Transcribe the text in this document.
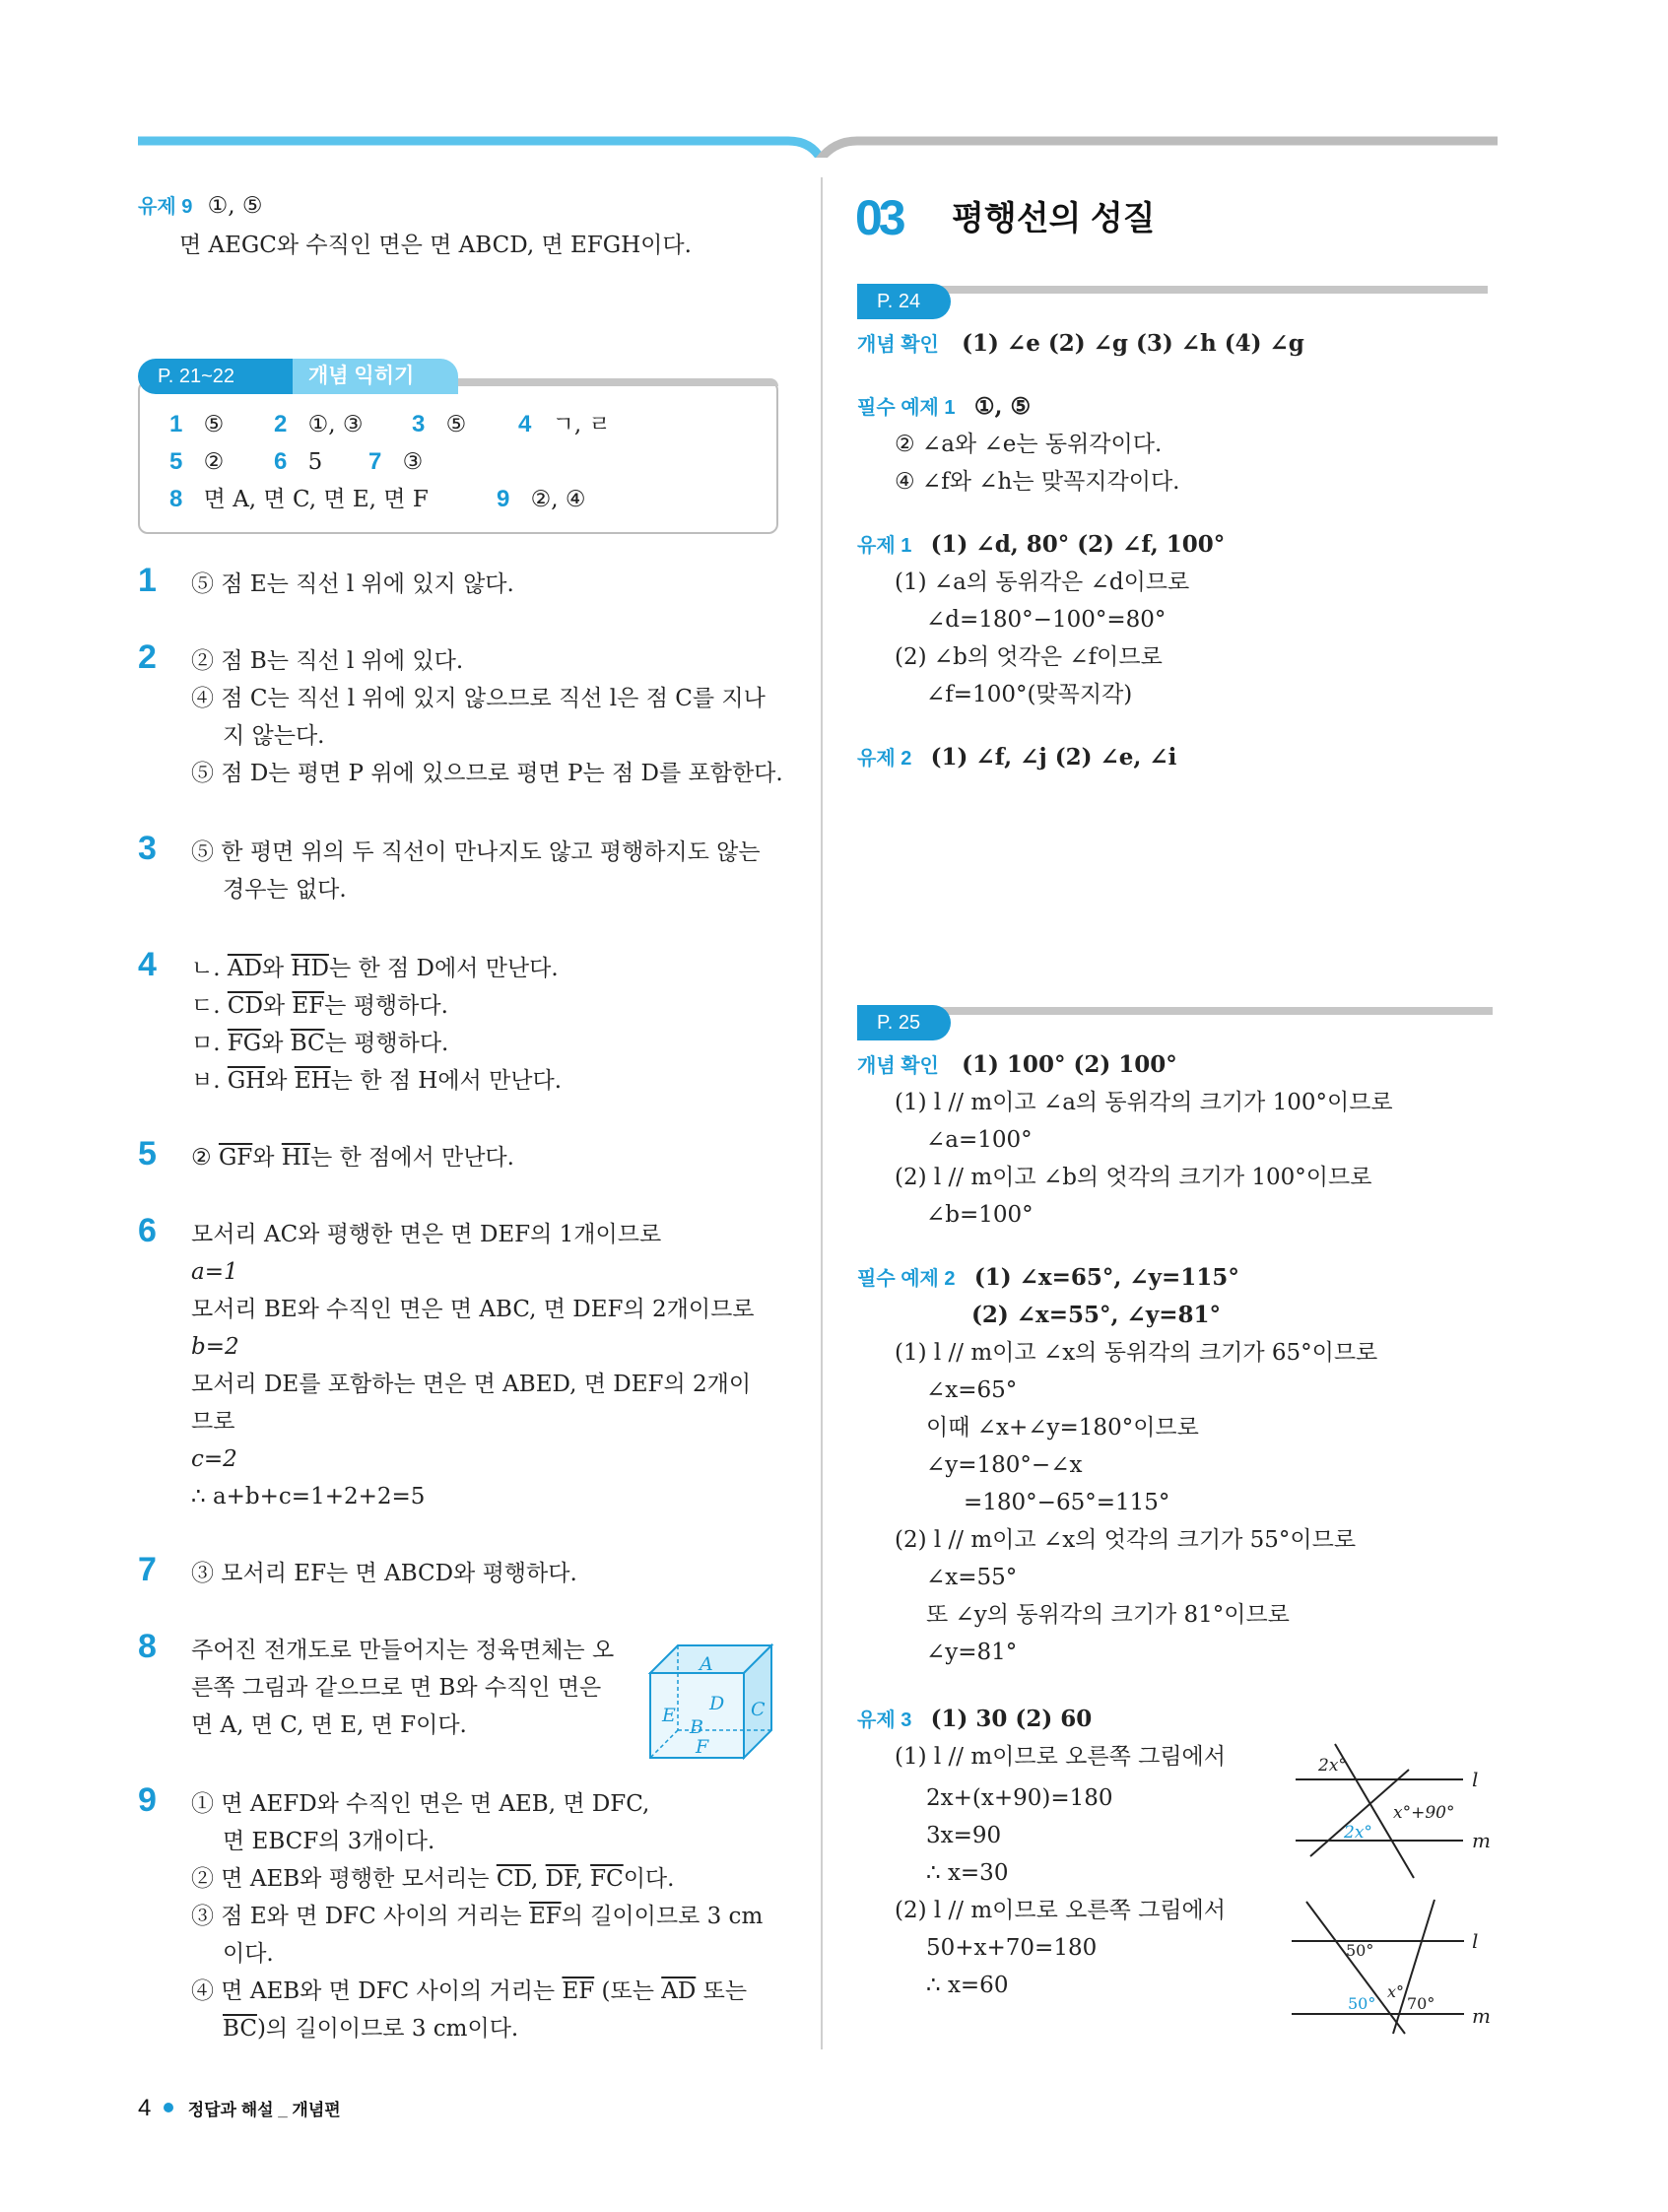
유제 9 ①, ⑤
면 AEGC와 수직인 면은 면 ABCD, 면 EFGH이다.
P. 21~22	개념 익히기
1 ⑤ 2 ①, ③ 3 ⑤ 4 ㄱ, ㄹ
5 ② 6 5 7 ③
8 면 A, 면 C, 면 E, 면 F	9 ②, ④
1 ⑤ 점 E는 직선 l 위에 있지 않다.
2 ② 점 B는 직선 l 위에 있다.
④ 점 C는 직선 l 위에 있지 않으므로 직선 l은 점 C를 지나
지 않는다.
⑤ 점 D는 평면 P 위에 있으므로 평면 P는 점 D를 포함한다.
3 ⑤ 한 평면 위의 두 직선이 만나지도 않고 평행하지도 않는
경우는 없다.
4 ㄴ. $\overline{AD}$와 $\overline{HD}$는 한 점 D에서 만난다.
ㄷ. $\overline{CD}$와 $\overline{EF}$는 평행하다.
ㅁ. $\overline{FG}$와 $\overline{BC}$는 평행하다.
ㅂ. $\overline{GH}$와 $\overline{EH}$는 한 점 H에서 만난다.
5 ② $\overline{GF}$와 $\overline{HI}$는 한 점에서 만난다.
6 모서리 AC와 평행한 면은 면 DEF의 1개이므로
a=1
모서리 BE와 수직인 면은 면 ABC, 면 DEF의 2개이므로
b=2
모서리 DE를 포함하는 면은 면 ABED, 면 DEF의 2개이
므로
c=2
∴ a+b+c=1+2+2=5
7 ③ 모서리 EF는 면 ABCD와 평행하다.
8 주어진 전개도로 만들어지는 정육면체는 오
른쪽 그림과 같으므로 면 B와 수직인 면은
면 A, 면 C, 면 E, 면 F이다.
A
D C
E
B
F
9 ① 면 AEFD와 수직인 면은 면 AEB, 면 DFC,
면 EBCF의 3개이다.
② 면 AEB와 평행한 모서리는 $\overline{CD}$, $\overline{DF}$, $\overline{FC}$이다.
③ 점 E와 면 DFC 사이의 거리는 $\overline{EF}$의 길이이므로 3 cm
이다.
④ 면 AEB와 면 DFC 사이의 거리는 $\overline{EF}$ (또는 $\overline{AD}$ 또는
$\overline{BC}$)의 길이이므로 3 cm이다.
03 평행선의 성질
P. 24
개념 확인 (1) ∠e (2) ∠g (3) ∠h (4) ∠g
필수 예제 1 ①, ⑤
② ∠a와 ∠e는 동위각이다.
④ ∠f와 ∠h는 맞꼭지각이다.
유제 1 (1) ∠d, 80° (2) ∠f, 100°
(1) ∠a의 동위각은 ∠d이므로
∠d=180°−100°=80°
(2) ∠b의 엇각은 ∠f이므로
∠f=100°(맞꼭지각)
유제 2 (1) ∠f, ∠j (2) ∠e, ∠i
P. 25
개념 확인 (1) 100° (2) 100°
(1) l // m이고 ∠a의 동위각의 크기가 100°이므로
∠a=100°
(2) l // m이고 ∠b의 엇각의 크기가 100°이므로
∠b=100°
필수 예제 2 (1) ∠x=65°, ∠y=115°
(2) ∠x=55°, ∠y=81°
(1) l // m이고 ∠x의 동위각의 크기가 65°이므로
∠x=65°
이때 ∠x+∠y=180°이므로
∠y=180°−∠x
=180°−65°=115°
(2) l // m이고 ∠x의 엇각의 크기가 55°이므로
∠x=55°
또 ∠y의 동위각의 크기가 81°이므로
∠y=81°
유제 3 (1) 30 (2) 60
(1) l // m이므로 오른쪽 그림에서
2x+(x+90)=180
3x=90
∴ x=30
(2) l // m이므로 오른쪽 그림에서
50+x+70=180
∴ x=60
2x°
2x°
x°+90°
l
m
50°
x°
50° 70°
l
m
4 정답과 해설 _ 개념편
